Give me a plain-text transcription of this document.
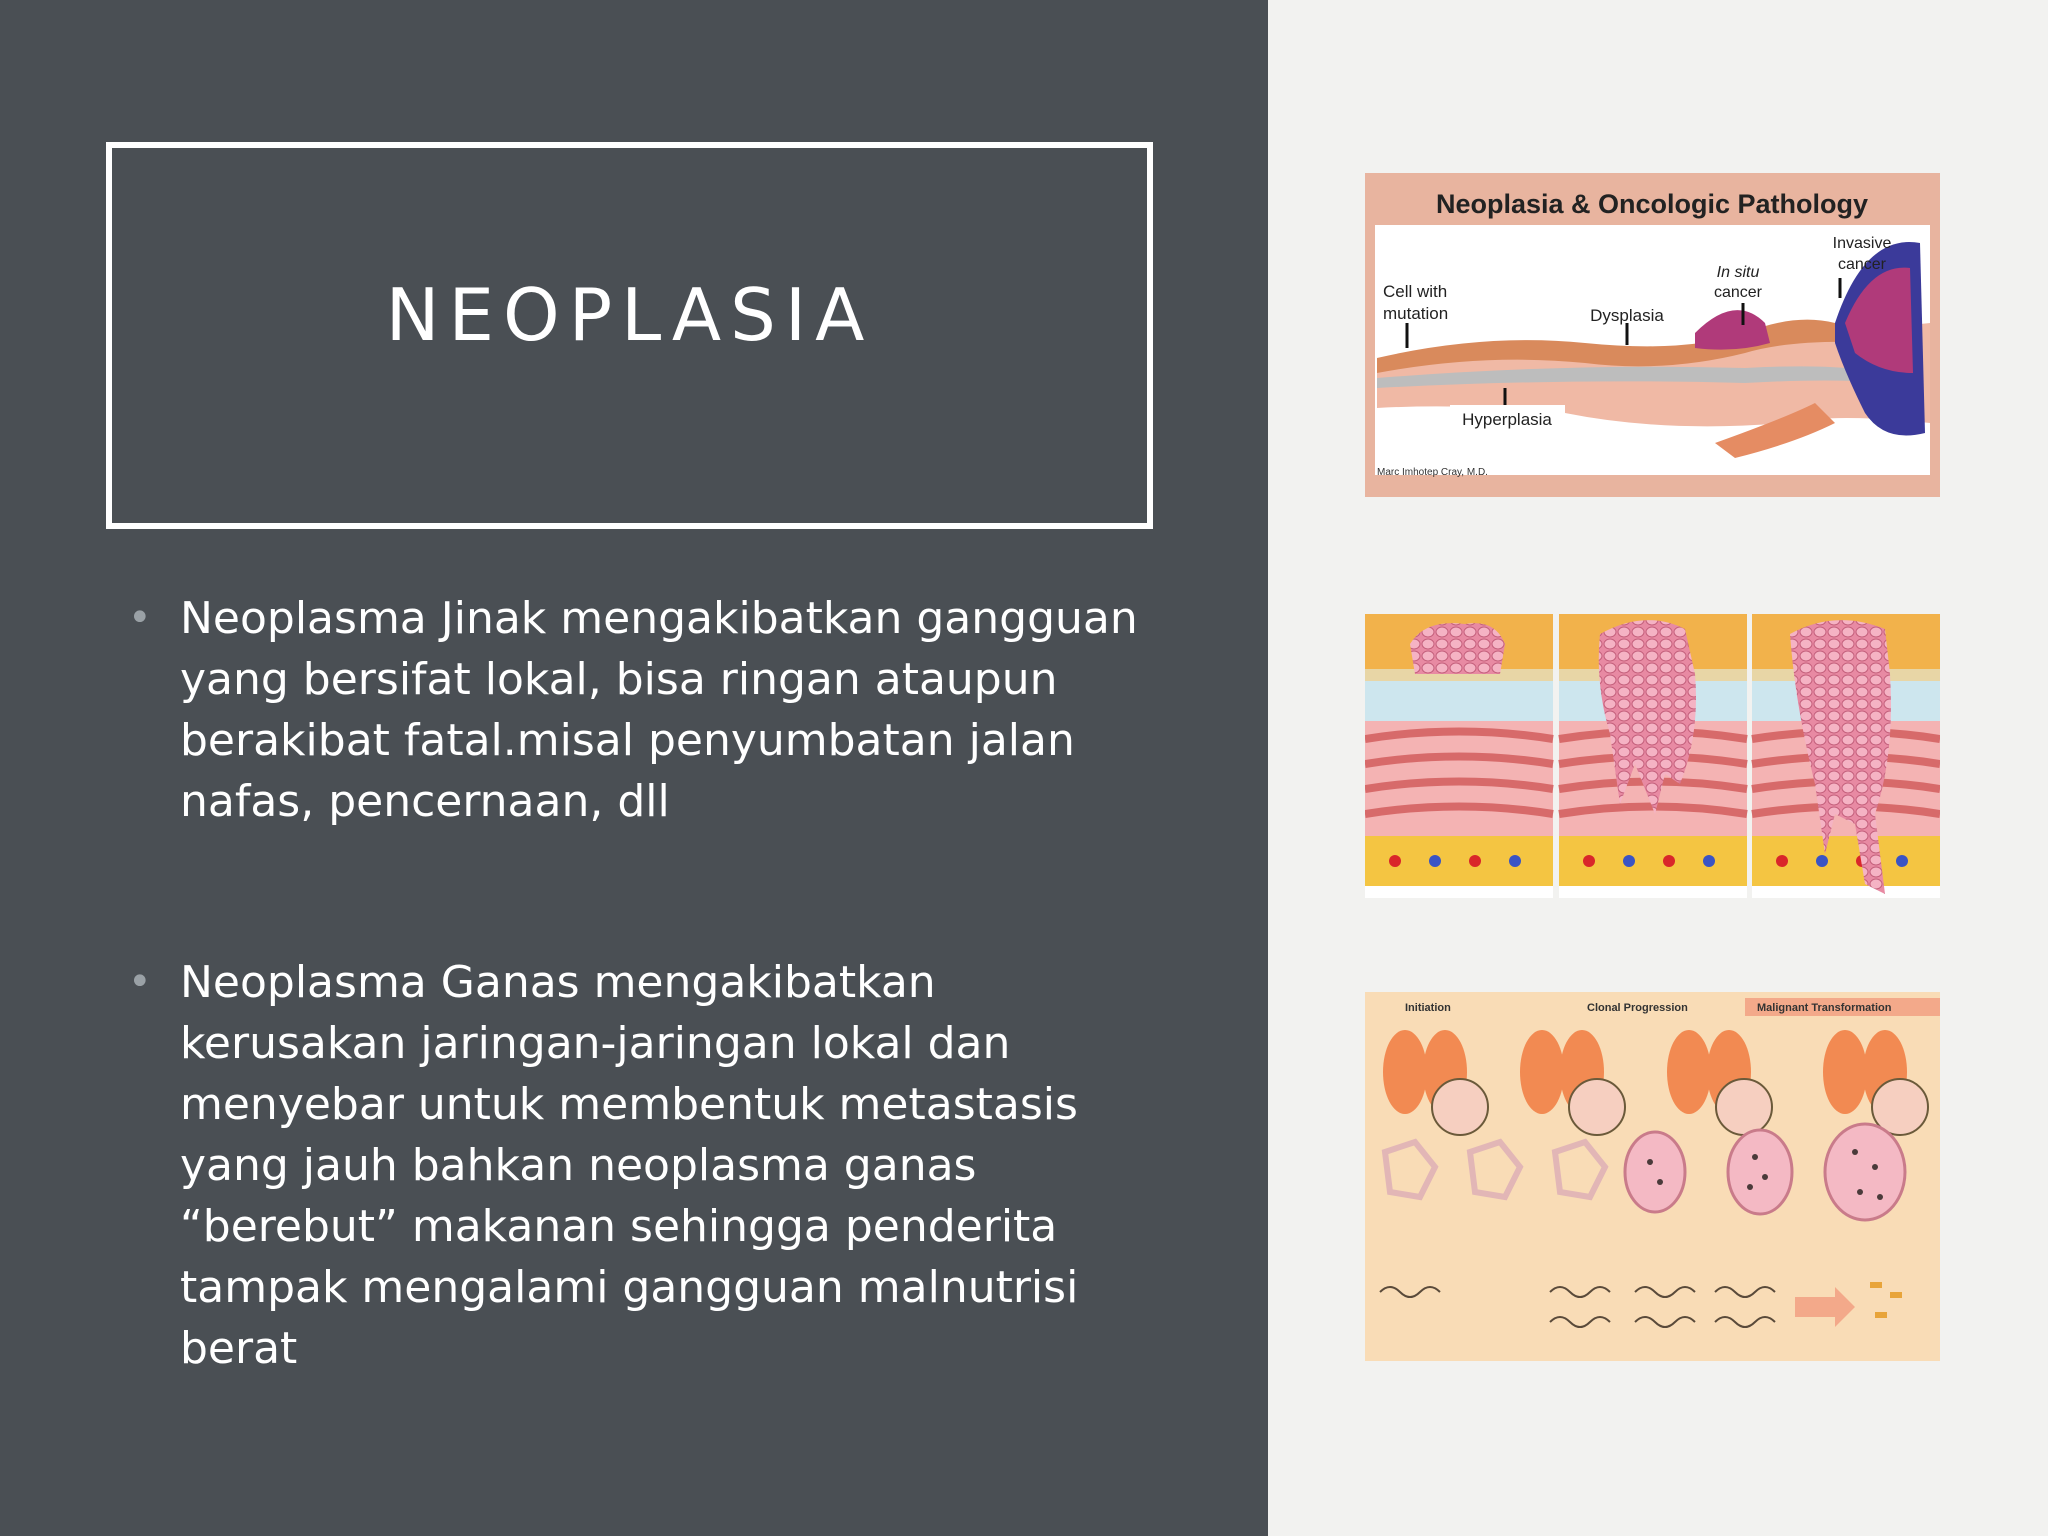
NEOPLASIA

• Neoplasma Jinak mengakibatkan gangguan yang bersifat lokal, bisa ringan ataupun berakibat fatal.misal penyumbatan jalan nafas, pencernaan, dll

• Neoplasma Ganas mengakibatkan kerusakan jaringan-jaringan lokal dan menyebar untuk membentuk metastasis yang jauh bahkan neoplasma ganas “berebut” makanan sehingga penderita tampak mengalami gangguan malnutrisi berat

Neoplasia & Oncologic Pathology
Cell with
mutation
Hyperplasia
Dysplasia
In situ
cancer
Invasive
cancer
Marc Imhotep Cray, M.D.
Initiation	Clonal Progression	Malignant Transformation
